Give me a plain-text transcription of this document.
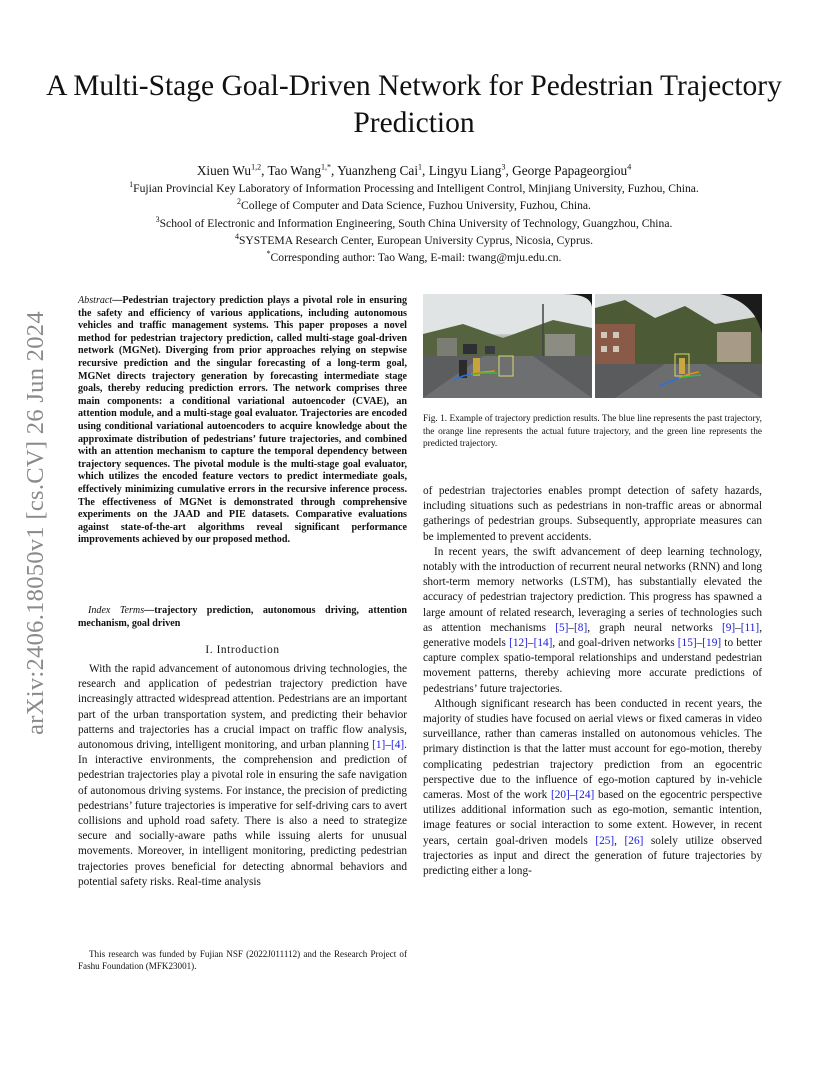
arXiv:2406.18050v1 [cs.CV] 26 Jun 2024
A Multi-Stage Goal-Driven Network for Pedestrian Trajectory Prediction
Xiuen Wu$^{1,2}$, Tao Wang$^{1,*}$, Yuanzheng Cai$^1$, Lingyu Liang$^3$, George Papageorgiou$^4$
$^1$Fujian Provincial Key Laboratory of Information Processing and Intelligent Control, Minjiang University, Fuzhou, China.
$^2$College of Computer and Data Science, Fuzhou University, Fuzhou, China.
$^3$School of Electronic and Information Engineering, South China University of Technology, Guangzhou, China.
$^4$SYSTEMA Research Center, European University Cyprus, Nicosia, Cyprus.
*Corresponding author: Tao Wang, E-mail: twang@mju.edu.cn.
Abstract—Pedestrian trajectory prediction plays a pivotal role in ensuring the safety and efficiency of various applications, including autonomous vehicles and traffic management systems. This paper proposes a novel method for pedestrian trajectory prediction, called multi-stage goal-driven network (MGNet). Diverging from prior approaches relying on stepwise recursive prediction and the singular forecasting of a long-term goal, MGNet directs trajectory generation by forecasting intermediate stage goals, thereby reducing prediction errors. The network comprises three main components: a conditional variational autoencoder (CVAE), an attention module, and a multi-stage goal evaluator. Trajectories are encoded using conditional variational autoencoders to acquire knowledge about the approximate distribution of pedestrians’ future trajectories, and combined with an attention mechanism to capture the temporal dependency between trajectory sequences. The pivotal module is the multi-stage goal evaluator, which utilizes the encoded feature vectors to predict intermediate goals, effectively minimizing cumulative errors in the recursive inference process. The effectiveness of MGNet is demonstrated through comprehensive experiments on the JAAD and PIE datasets. Comparative evaluations against state-of-the-art algorithms reveal significant performance improvements achieved by our proposed method.
Index Terms—trajectory prediction, autonomous driving, attention mechanism, goal driven
I. Introduction

With the rapid advancement of autonomous driving technologies, the research and application of pedestrian trajectory prediction have increasingly attracted widespread attention. Pedestrians are an important part of the urban transportation system, and predicting their behavior patterns and trajectories has a crucial impact on traffic flow analysis, autonomous driving, intelligent monitoring, and urban planning [1]–[4]. In interactive environments, the comprehension and prediction of pedestrian trajectories play a pivotal role in ensuring the safe navigation of autonomous driving systems. For instance, the precision of predicting pedestrians’ future trajectories is imperative for self-driving cars to avert collisions and uphold road safety. There is also a need to strategize secure and socially-aware paths while issuing alerts for unusual movements. Moreover, in intelligent monitoring, predicting pedestrian trajectories proves beneficial for detecting abnormal behaviors and potential safety risks. Real-time analysis

This research was funded by Fujian NSF (2022J011112) and the Research Project of Fashu Foundation (MFK23001).
Fig. 1. Example of trajectory prediction results. The blue line represents the past trajectory, the orange line represents the actual future trajectory, and the green line represents the predicted trajectory.

of pedestrian trajectories enables prompt detection of safety hazards, including situations such as pedestrians in non-traffic areas or abnormal gatherings of pedestrian groups. Subsequently, appropriate measures can be implemented to prevent accidents.

In recent years, the swift advancement of deep learning technology, notably with the introduction of recurrent neural networks (RNN) and long short-term memory networks (LSTM), has substantially elevated the accuracy of pedestrian trajectory prediction. This progress has spawned a large amount of related research, leveraging a series of technologies such as attention mechanisms [5]–[8], graph neural networks [9]–[11], generative models [12]–[14], and goal-driven networks [15]–[19] to better capture complex spatio-temporal relationships and understand pedestrian movement patterns, thereby achieving more accurate predictions of pedestrians’ future trajectories.

Although significant research has been conducted in recent years, the majority of studies have focused on aerial views or fixed cameras in video surveillance, rather than cameras installed on autonomous vehicles. The primary distinction is that the latter must account for ego-motion, thereby complicating pedestrian trajectory prediction from an egocentric perspective due to the influence of ego-motion captured by in-vehicle cameras. Most of the work [20]–[24] based on the egocentric perspective utilizes additional information such as ego-motion, semantic intention, image features or social interaction to some extent. However, in recent years, certain goal-driven models [25], [26] solely utilize observed trajectories as input and direct the generation of future trajectories by predicting either a long-
